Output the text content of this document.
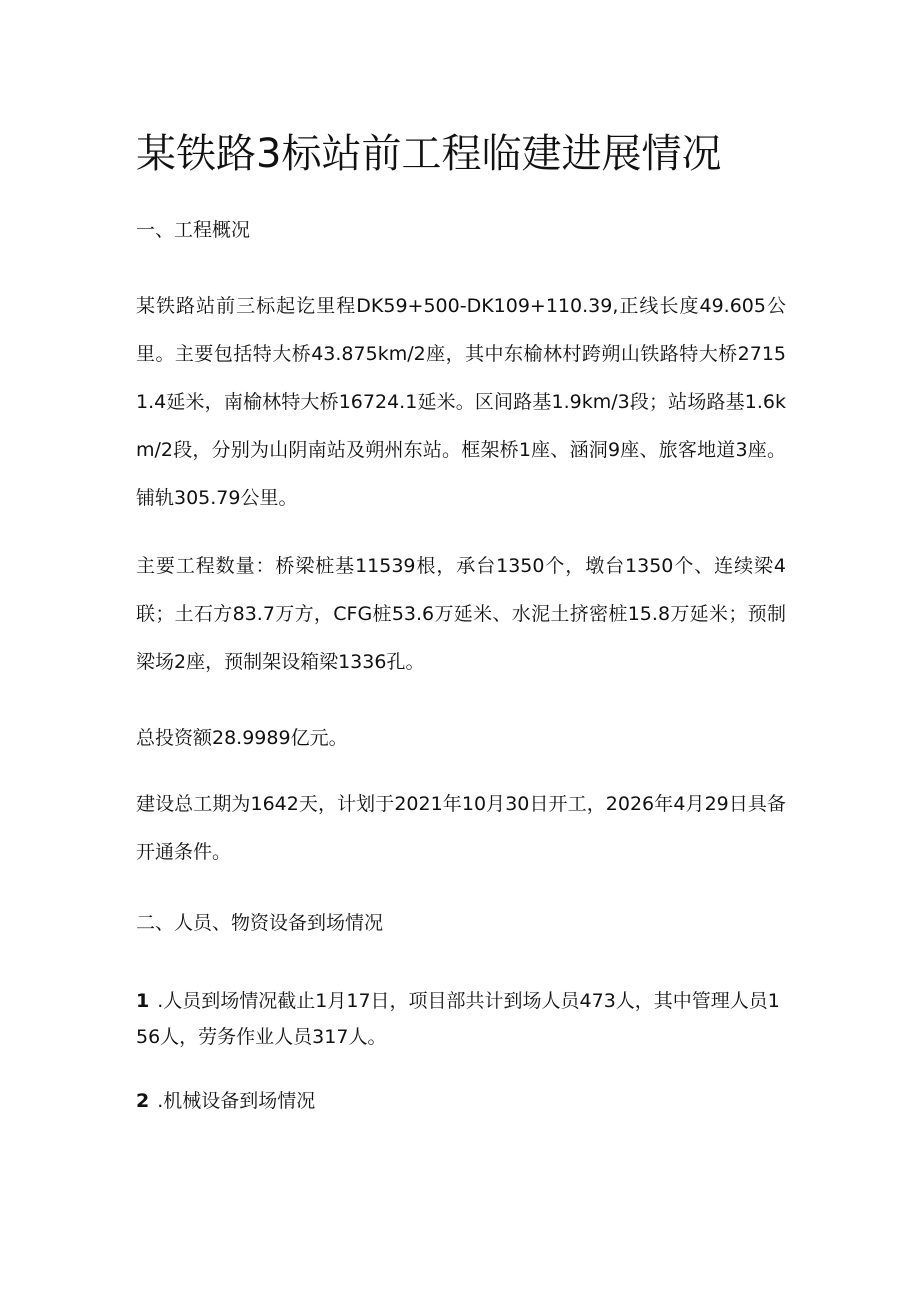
某铁路3标站前工程临建进展情况
一、工程概况

某铁路站前三标起讫里程DK59+500-DK109+110.39,正线长度49.605公里。主要包括特大桥43.875km∕2座，其中东榆林村跨朔山铁路特大桥27151.4延米，南榆林特大桥16724.1延米。区间路基1.9km∕3段；站场路基1.6km∕2段，分别为山阴南站及朔州东站。框架桥1座、涵洞9座、旅客地道3座。铺轨305.79公里。

主要工程数量：桥梁桩基11539根，承台1350个，墩台1350个、连续梁4联；土石方83.7万方，CFG桩53.6万延米、水泥土挤密桩15.8万延米；预制梁场2座，预制架设箱梁1336孔。

总投资额28.9989亿元。

建设总工期为1642天，计划于2021年10月30日开工，2026年4月29日具备开通条件。

二、人员、物资设备到场情况

1 .人员到场情况截止1月17日，项目部共计到场人员473人，其中管理人员156人，劳务作业人员317人。

2 .机械设备到场情况
